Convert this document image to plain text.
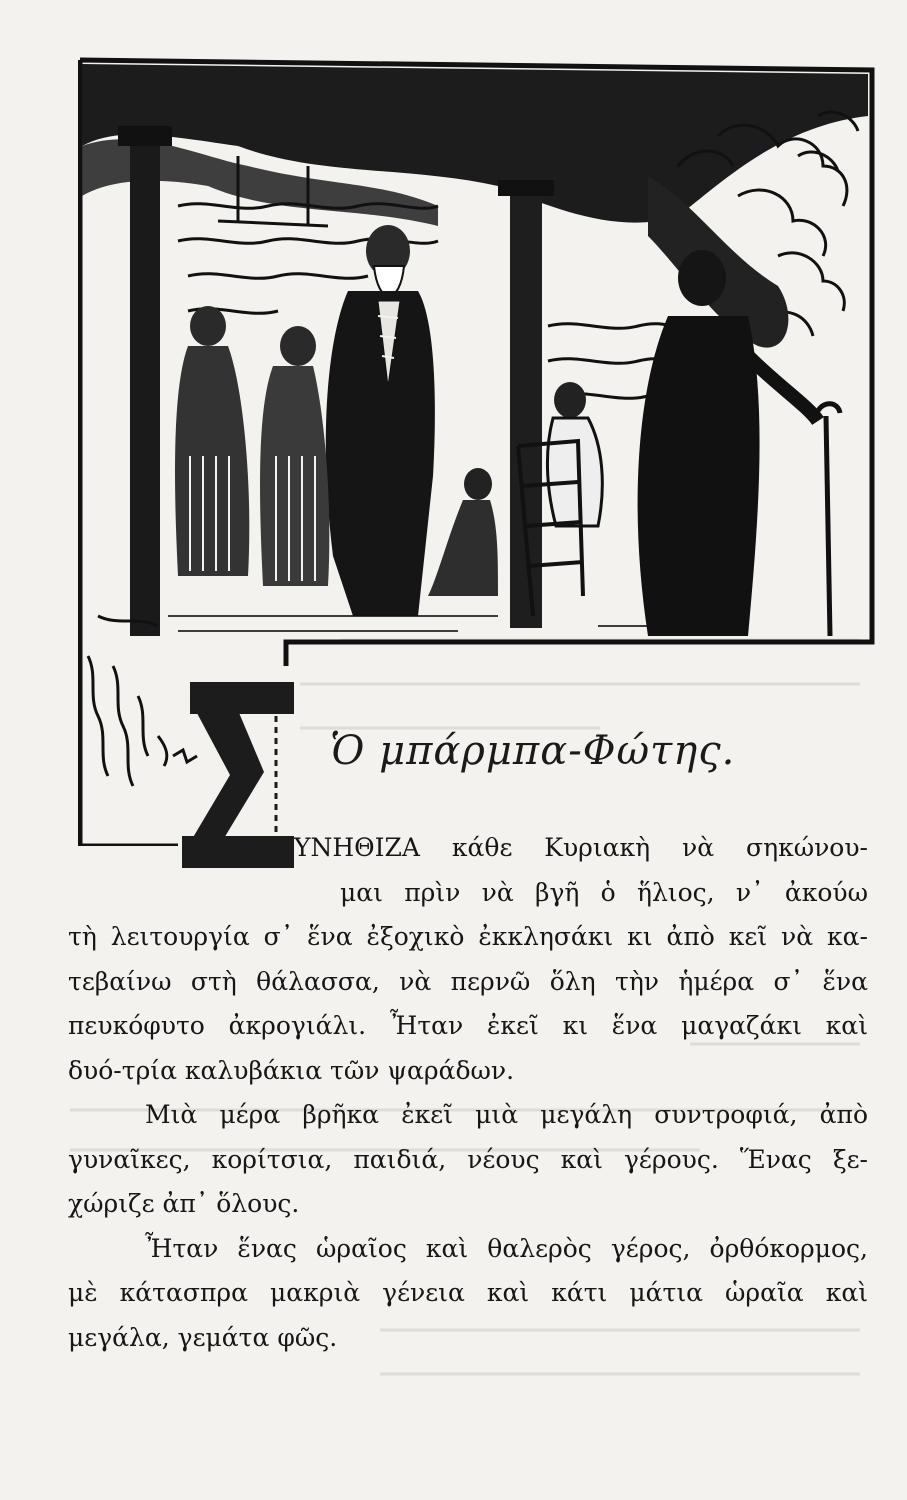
Σ
Ὁ μπάρμπα-Φώτης.
ΥΝΗΘΙΖΑ κάθε Κυριακὴ νὰ σηκώνου-
μαι πρὶν νὰ βγῆ ὁ ἥλιος, ν᾿ ἀκούω
τὴ λειτουργία σ᾿ ἕνα ἐξοχικὸ ἐκκλησάκι κι ἀπὸ κεῖ νὰ κα-
τεβαίνω στὴ θάλασσα, νὰ περνῶ ὅλη τὴν ἡμέρα σ᾿ ἕνα
πευκόφυτο ἀκρογιάλι. Ἦταν ἐκεῖ κι ἕνα μαγαζάκι καὶ
δυό-τρία καλυβάκια τῶν ψαράδων.
Μιὰ μέρα βρῆκα ἐκεῖ μιὰ μεγάλη συντροφιά, ἀπὸ
γυναῖκες, κορίτσια, παιδιά, νέους καὶ γέρους. Ἕνας ξε-
χώριζε ἀπ᾿ ὅλους.
Ἦταν ἕνας ὡραῖος καὶ θαλερὸς γέρος, ὀρθόκορμος,
μὲ κάτασπρα μακριὰ γένεια καὶ κάτι μάτια ὡραῖα καὶ
μεγάλα, γεμάτα φῶς.
